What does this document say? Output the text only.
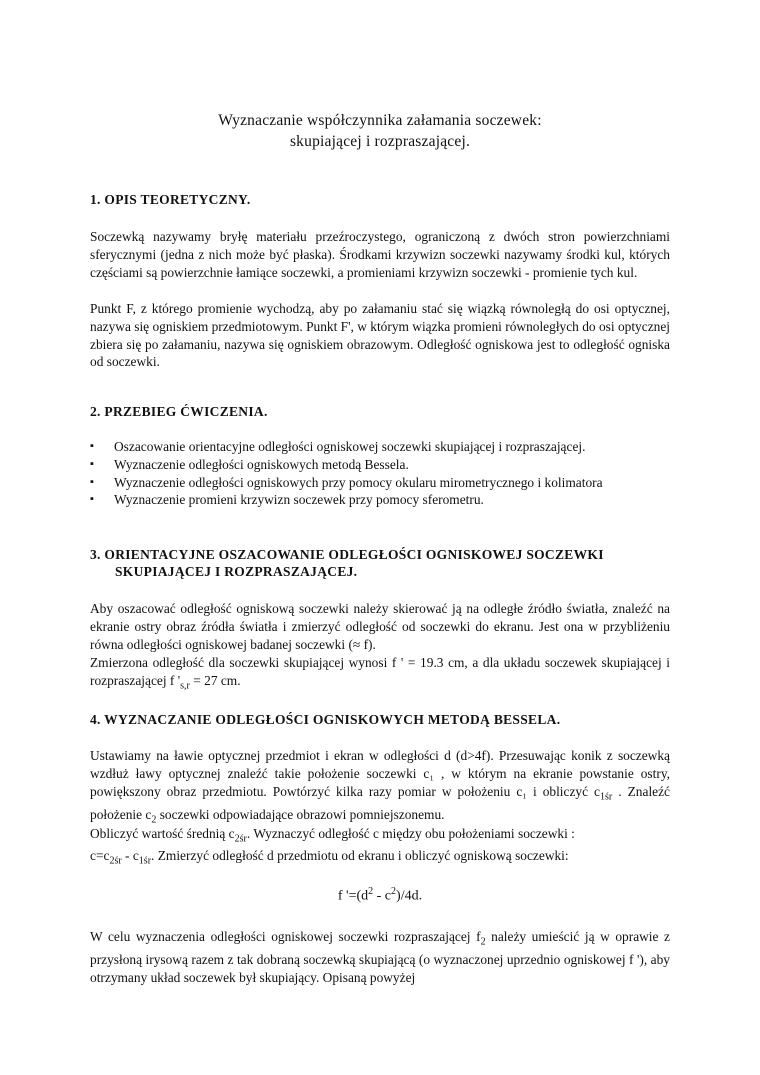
Wyznaczanie współczynnika załamania soczewek:
skupiającej i rozpraszającej.
1. OPIS TEORETYCZNY.
Soczewką nazywamy bryłę materiału przeźroczystego, ograniczoną z dwóch stron powierzchniami sferycznymi (jedna z nich może być płaska). Środkami krzywizn soczewki nazywamy środki kul, których częściami są powierzchnie łamiące soczewki, a promieniami krzywizn soczewki - promienie tych kul.
Punkt F, z którego promienie wychodzą, aby po załamaniu stać się wiązką równoległą do osi optycznej, nazywa się ogniskiem przedmiotowym. Punkt F', w którym wiązka promieni równoległych do osi optycznej zbiera się po załamaniu, nazywa się ogniskiem obrazowym. Odległość ogniskowa jest to odległość ogniska od soczewki.
2. PRZEBIEG ĆWICZENIA.
▪ Oszacowanie orientacyjne odległości ogniskowej soczewki skupiającej i rozpraszającej.
▪ Wyznaczenie odległości ogniskowych metodą Bessela.
▪ Wyznaczenie odległości ogniskowych przy pomocy okularu mirometrycznego i kolimatora
▪ Wyznaczenie promieni krzywizn soczewek przy pomocy sferometru.
3. ORIENTACYJNE OSZACOWANIE ODLEGŁOŚCI OGNISKOWEJ SOCZEWKI
SKUPIAJĄCEJ I ROZPRASZAJĄCEJ.
Aby oszacować odległość ogniskową soczewki należy skierować ją na odległe źródło światła, znaleźć na ekranie ostry obraz źródła światła i zmierzyć odległość od soczewki do ekranu. Jest ona w przybliżeniu równa odległości ogniskowej badanej soczewki (≈ f).
Zmierzona odległość dla soczewki skupiającej wynosi f ' = 19.3 cm, a dla układu soczewek skupiającej i rozpraszającej f '$_{s,r} = 27$ cm.
4. WYZNACZANIE ODLEGŁOŚCI OGNISKOWYCH METODĄ BESSELA.
Ustawiamy na ławie optycznej przedmiot i ekran w odległości d (d>4f). Przesuwając konik z soczewką wzdłuż ławy optycznej znaleźć takie położenie soczewki c₁ , w którym na ekranie powstanie ostry, powiększony obraz przedmiotu. Powtórzyć kilka razy pomiar w położeniu c₁ i obliczyć $c_{1śr}$ . Znaleźć położenie $c_2$ soczewki odpowiadające obrazowi pomniejszonemu.
Obliczyć wartość średnią $c_{2śr}$. Wyznaczyć odległość c między obu położeniami soczewki :
$c=c_{2śr} - c_{1śr}$. Zmierzyć odległość d przedmiotu od ekranu i obliczyć ogniskową soczewki:
f '$=(d^2 - c^2)/4d$.
W celu wyznaczenia odległości ogniskowej soczewki rozpraszającej $f_2$ należy umieścić ją w oprawie z przysłoną irysową razem z tak dobraną soczewką skupiającą (o wyznaczonej uprzednio ogniskowej f '), aby otrzymany układ soczewek był skupiający. Opisaną powyżej
